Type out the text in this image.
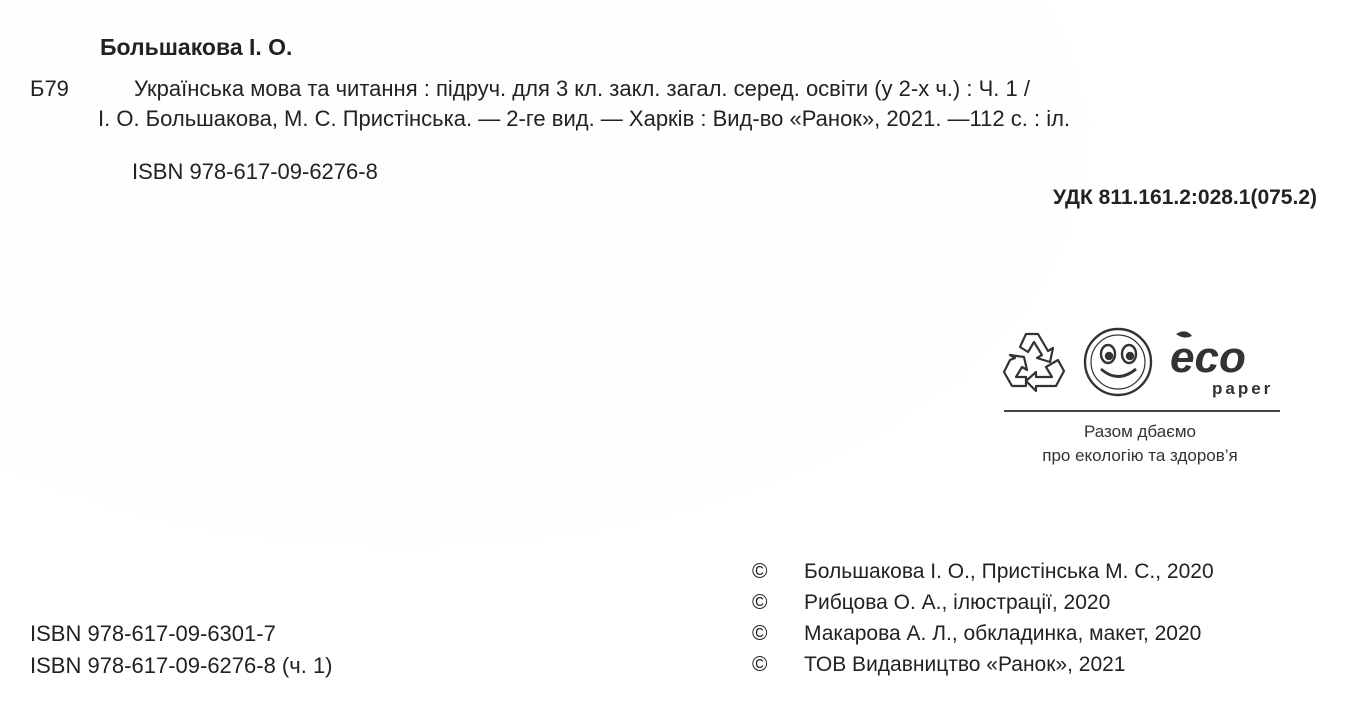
Большакова І. О.
Б79	Українська мова та читання : підруч. для 3 кл. закл. загал. серед. освіти (у 2-х ч.) : Ч. 1 /
І. О. Большакова, М. С. Пристінська. — 2-ге вид. — Харків : Вид-во «Ранок», 2021. —112 с. : іл.
ISBN 978-617-09-6276-8
УДК 811.161.2:028.1(075.2)
eco
paper
Разом дбаємо
про екологію та здоров’я
ISBN 978-617-09-6301-7
ISBN 978-617-09-6276-8 (ч. 1)
©	Большакова І. О., Пристінська М. С., 2020
©	Рибцова О. А., ілюстрації, 2020
©	Макарова А. Л., обкладинка, макет, 2020
©	ТОВ Видавництво «Ранок», 2021
